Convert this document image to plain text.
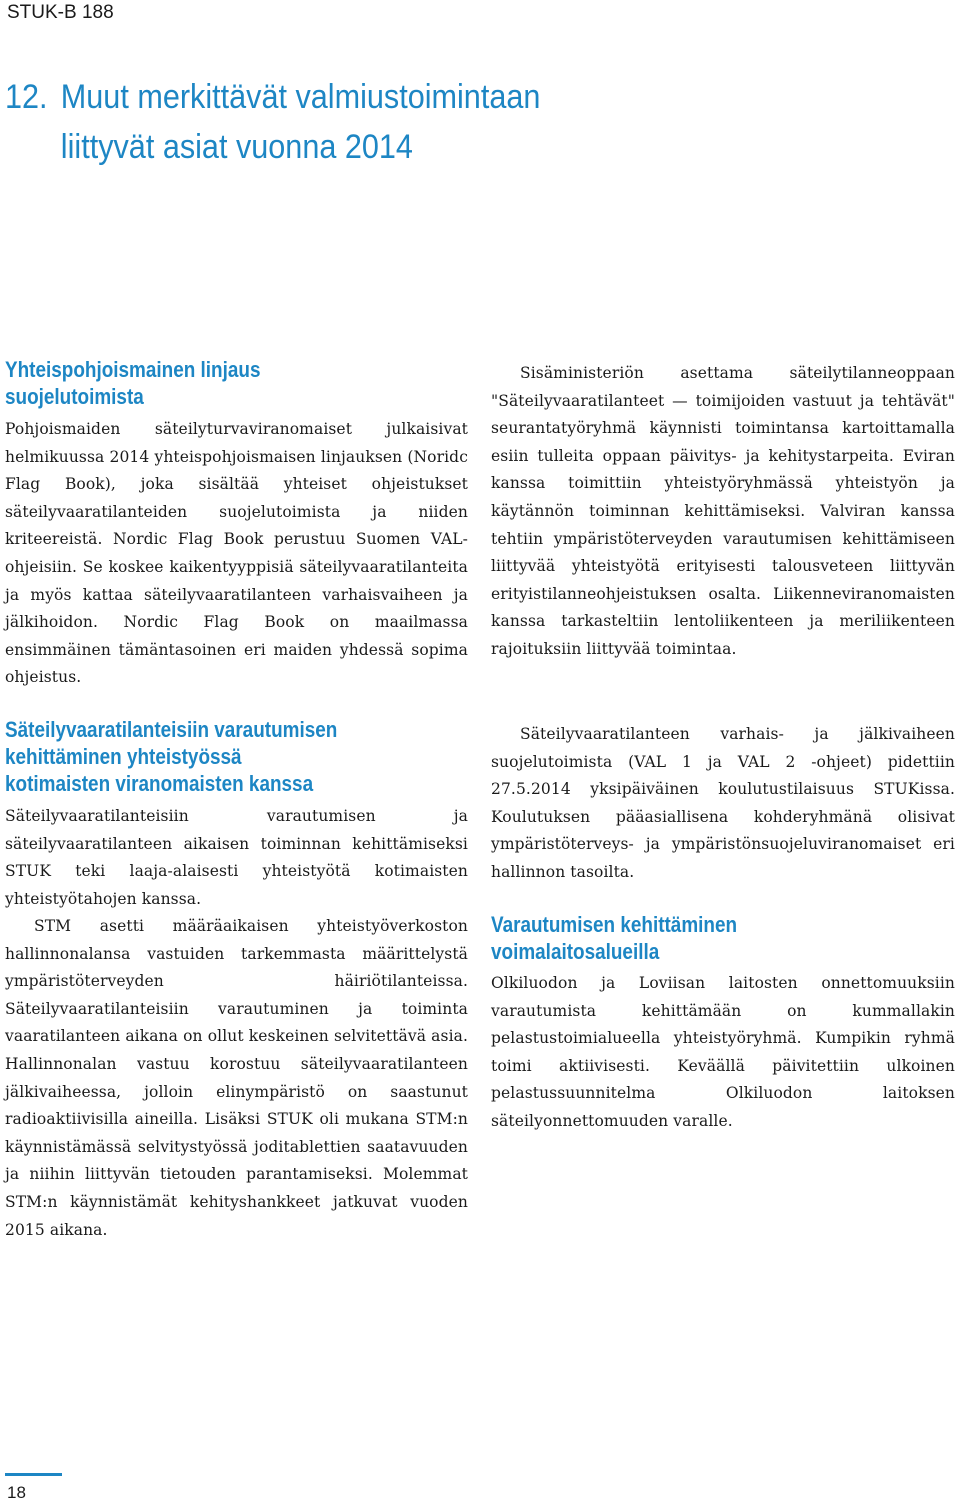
STUK-B 188
12. Muut merkittävät valmiustoimintaan
liittyvät asiat vuonna 2014
Yhteispohjoismainen linjaus
suojelutoimista

Pohjoismaiden säteilyturvaviranomaiset julkaisivat helmikuussa 2014 yhteispohjoismaisen linjauksen (Noridc Flag Book), joka sisältää yhteiset ohjeistukset säteilyvaaratilanteiden suojelutoimista ja niiden kriteereistä. Nordic Flag Book perustuu Suomen VAL-ohjeisiin. Se koskee kaikentyyppisiä säteilyvaaratilanteita ja myös kattaa säteilyvaaratilanteen varhaisvaiheen ja jälkihoidon. Nordic Flag Book on maailmassa ensimmäinen tämäntasoinen eri maiden yhdessä sopima ohjeistus.

Säteilyvaaratilanteisiin varautumisen
kehittäminen yhteistyössä
kotimaisten viranomaisten kanssa

Säteilyvaaratilanteisiin varautumisen ja säteilyvaaratilanteen aikaisen toiminnan kehittämiseksi STUK teki laaja-alaisesti yhteistyötä kotimaisten yhteistyötahojen kanssa.

STM asetti määräaikaisen yhteistyöverkoston hallinnonalansa vastuiden tarkemmasta määrittelystä ympäristöterveyden häiriötilanteissa. Säteilyvaaratilanteisiin varautuminen ja toiminta vaaratilanteen aikana on ollut keskeinen selvitettävä asia. Hallinnonalan vastuu korostuu säteilyvaaratilanteen jälkivaiheessa, jolloin elinympäristö on saastunut radioaktiivisilla aineilla. Lisäksi STUK oli mukana STM:n käynnistämässä selvitystyössä joditablettien saatavuuden ja niihin liittyvän tietouden parantamiseksi. Molemmat STM:n käynnistämät kehityshankkeet jatkuvat vuoden 2015 aikana.

Sisäministeriön asettama säteilytilanneoppaan "Säteilyvaaratilanteet — toimijoiden vastuut ja tehtävät" seurantatyöryhmä käynnisti toimintansa kartoittamalla esiin tulleita oppaan päivitys- ja kehitystarpeita. Eviran kanssa toimittiin yhteistyöryhmässä yhteistyön ja käytännön toiminnan kehittämiseksi. Valviran kanssa tehtiin ympäristöterveyden varautumisen kehittämiseen liittyvää yhteistyötä erityisesti talousveteen liittyvän erityistilanneohjeistuksen osalta. Liikenneviranomaisten kanssa tarkasteltiin lentoliikenteen ja meriliikenteen rajoituksiin liittyvää toimintaa.

Säteilyvaaratilanteen varhais- ja jälkivaiheen suojelutoimista (VAL 1 ja VAL 2 -ohjeet) pidettiin 27.5.2014 yksipäiväinen koulutustilaisuus STUKissa. Koulutuksen pääasiallisena kohderyhmänä olisivat ympäristöterveys- ja ympäristönsuojeluviranomaiset eri hallinnon tasoilta.

Varautumisen kehittäminen
voimalaitosalueilla

Olkiluodon ja Loviisan laitosten onnettomuuksiin varautumista kehittämään on kummallakin pelastustoimialueella yhteistyöryhmä. Kumpikin ryhmä toimi aktiivisesti. Keväällä päivitettiin ulkoinen pelastussuunnitelma Olkiluodon laitoksen säteilyonnettomuuden varalle.

18
